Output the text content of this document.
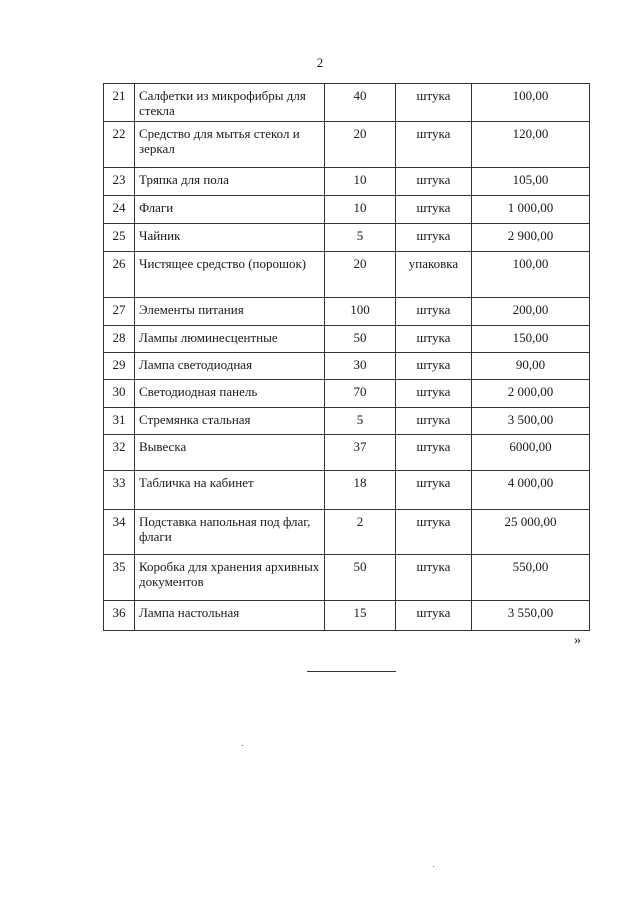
2
21	Салфетки из микрофибры для стекла	40	штука	100,00
22	Средство для мытья стекол и зеркал	20	штука	120,00
23	Тряпка для пола	10	штука	105,00
24	Флаги	10	штука	1 000,00
25	Чайник	5	штука	2 900,00
26	Чистящее средство (порошок)	20	упаковка	100,00
27	Элементы питания	100	штука	200,00
28	Лампы люминесцентные	50	штука	150,00
29	Лампа светодиодная	30	штука	90,00
30	Светодиодная панель	70	штука	2 000,00
31	Стремянка стальная	5	штука	3 500,00
32	Вывеска	37	штука	6000,00
33	Табличка на кабинет	18	штука	4 000,00
34	Подставка напольная под флаг, флаги	2	штука	25 000,00
35	Коробка для хранения архивных документов	50	штука	550,00
36	Лампа настольная	15	штука	3 550,00
»
